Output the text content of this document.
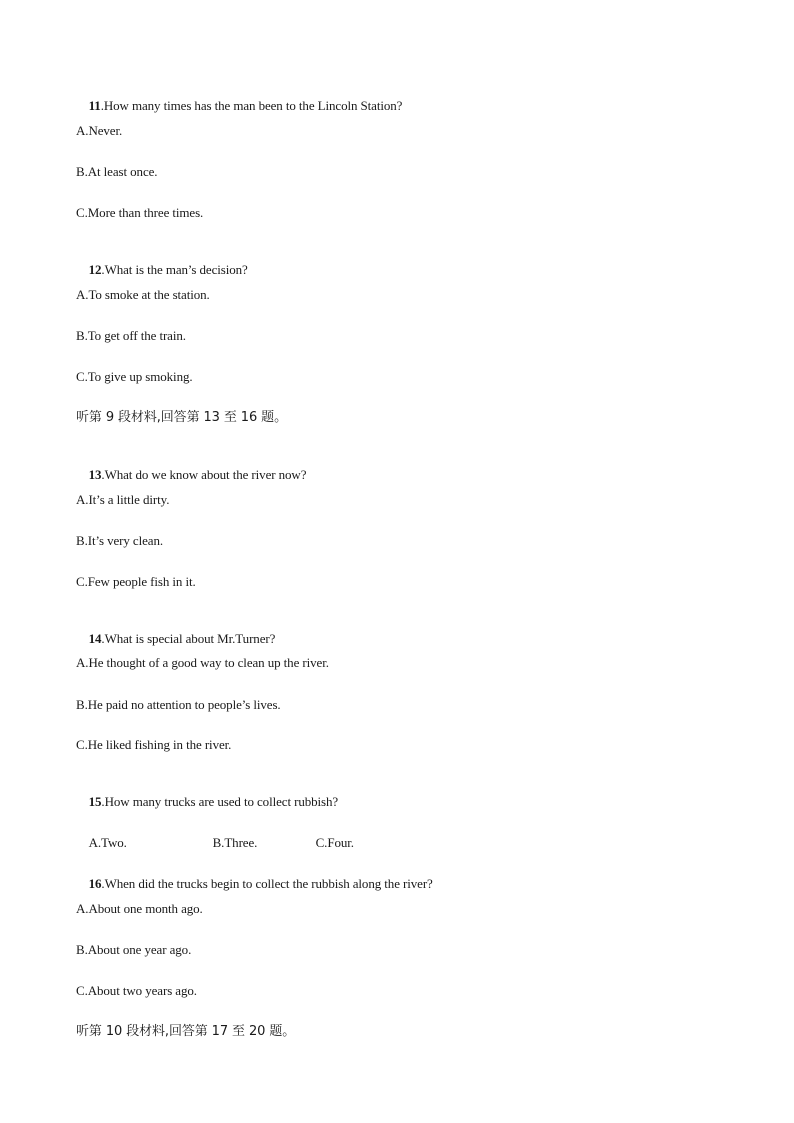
11.How many times has the man been to the Lincoln Station?

A.Never.
B.At least once.
C.More than three times.

12.What is the man’s decision?

A.To smoke at the station.
B.To get off the train.
C.To give up smoking.
听第 9 段材料,回答第 13 至 16 题。

13.What do we know about the river now?

A.It’s a little dirty.
B.It’s very clean.
C.Few people fish in it.

14.What is special about Mr.Turner?

A.He thought of a good way to clean up the river.
B.He paid no attention to people’s lives.
C.He liked fishing in the river.

15.How many trucks are used to collect rubbish?

A.Two.	B.Three.	C.Four.

16.When did the trucks begin to collect the rubbish along the river?

A.About one month ago.
B.About one year ago.
C.About two years ago.
听第 10 段材料,回答第 17 至 20 题。
